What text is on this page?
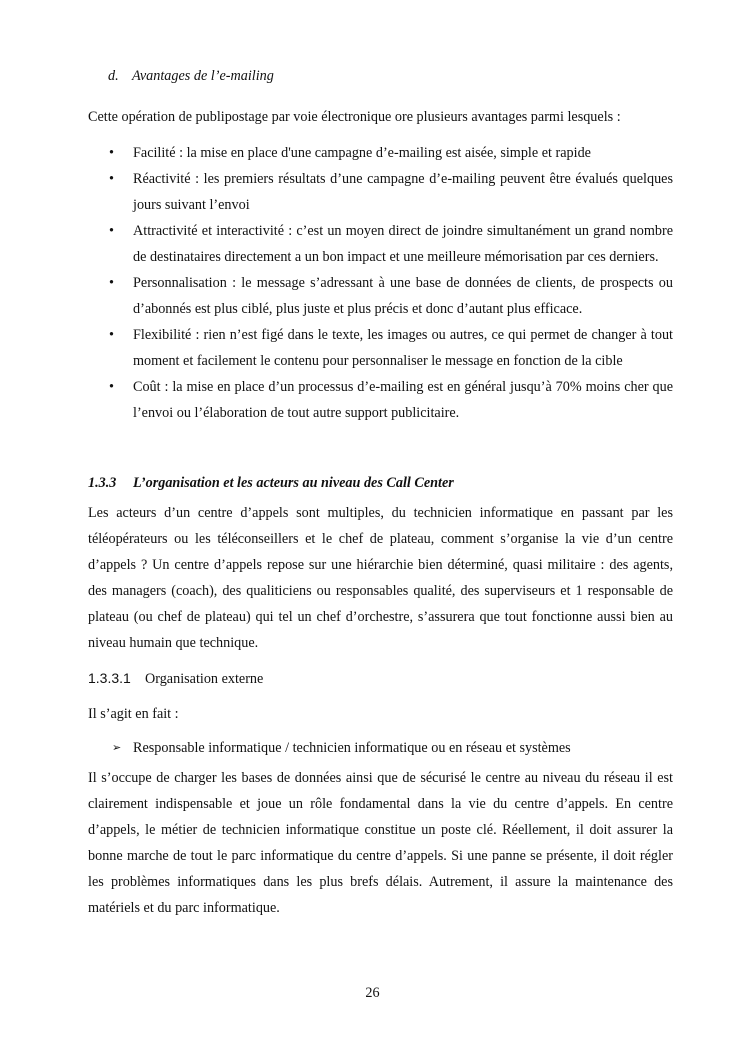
d. Avantages de l’e-mailing

Cette opération de publipostage par voie électronique ore plusieurs avantages parmi lesquels :

• Facilité : la mise en place d'une campagne d’e-mailing est aisée, simple et rapide
• Réactivité : les premiers résultats d’une campagne d’e-mailing peuvent être évalués quelques jours suivant l’envoi
• Attractivité et interactivité : c’est un moyen direct de joindre simultanément un grand nombre de destinataires directement a un bon impact et une meilleure mémorisation par ces derniers.
• Personnalisation : le message s’adressant à une base de données de clients, de prospects ou d’abonnés est plus ciblé, plus juste et plus précis et donc d’autant plus efficace.
• Flexibilité : rien n’est figé dans le texte, les images ou autres, ce qui permet de changer à tout moment et facilement le contenu pour personnaliser le message en fonction de la cible
• Coût : la mise en place d’un processus d’e-mailing est en général jusqu’à 70% moins cher que l’envoi ou l’élaboration de tout autre support publicitaire.

1.3.3 L’organisation et les acteurs au niveau des Call Center

Les acteurs d’un centre d’appels sont multiples, du technicien informatique en passant par les téléopérateurs ou les téléconseillers et le chef de plateau, comment s’organise la vie d’un centre d’appels ? Un centre d’appels repose sur une hiérarchie bien déterminé, quasi militaire : des agents, des managers (coach), des qualiticiens ou responsables qualité, des superviseurs et 1 responsable de plateau (ou chef de plateau) qui tel un chef d’orchestre, s’assurera que tout fonctionne aussi bien au niveau humain que technique.

1.3.3.1 Organisation externe

Il s’agit en fait :

➢ Responsable informatique / technicien informatique ou en réseau et systèmes

Il s’occupe de charger les bases de données ainsi que de sécurisé le centre au niveau du réseau il est clairement indispensable et joue un rôle fondamental dans la vie du centre d’appels. En centre d’appels, le métier de technicien informatique constitue un poste clé. Réellement, il doit assurer la bonne marche de tout le parc informatique du centre d’appels. Si une panne se présente, il doit régler les problèmes informatiques dans les plus brefs délais. Autrement, il assure la maintenance des matériels et du parc informatique.

26
